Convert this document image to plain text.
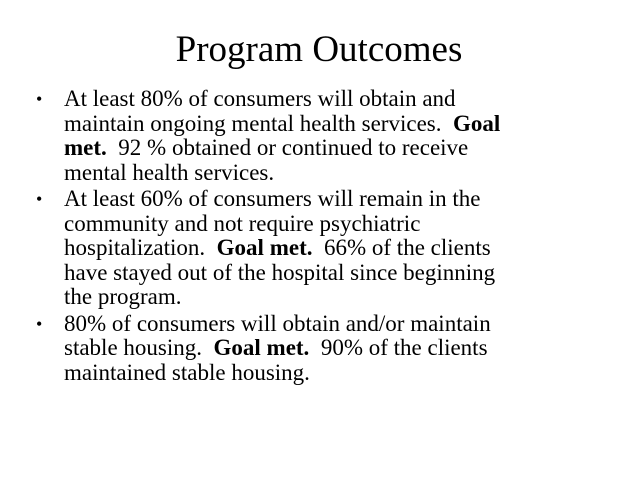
Program Outcomes
• At least 80% of consumers will obtain and
maintain ongoing mental health services.  Goal
met.  92 % obtained or continued to receive
mental health services.
• At least 60% of consumers will remain in the
community and not require psychiatric
hospitalization.  Goal met.  66% of the clients
have stayed out of the hospital since beginning
the program.
• 80% of consumers will obtain and/or maintain
stable housing.  Goal met.  90% of the clients
maintained stable housing.
